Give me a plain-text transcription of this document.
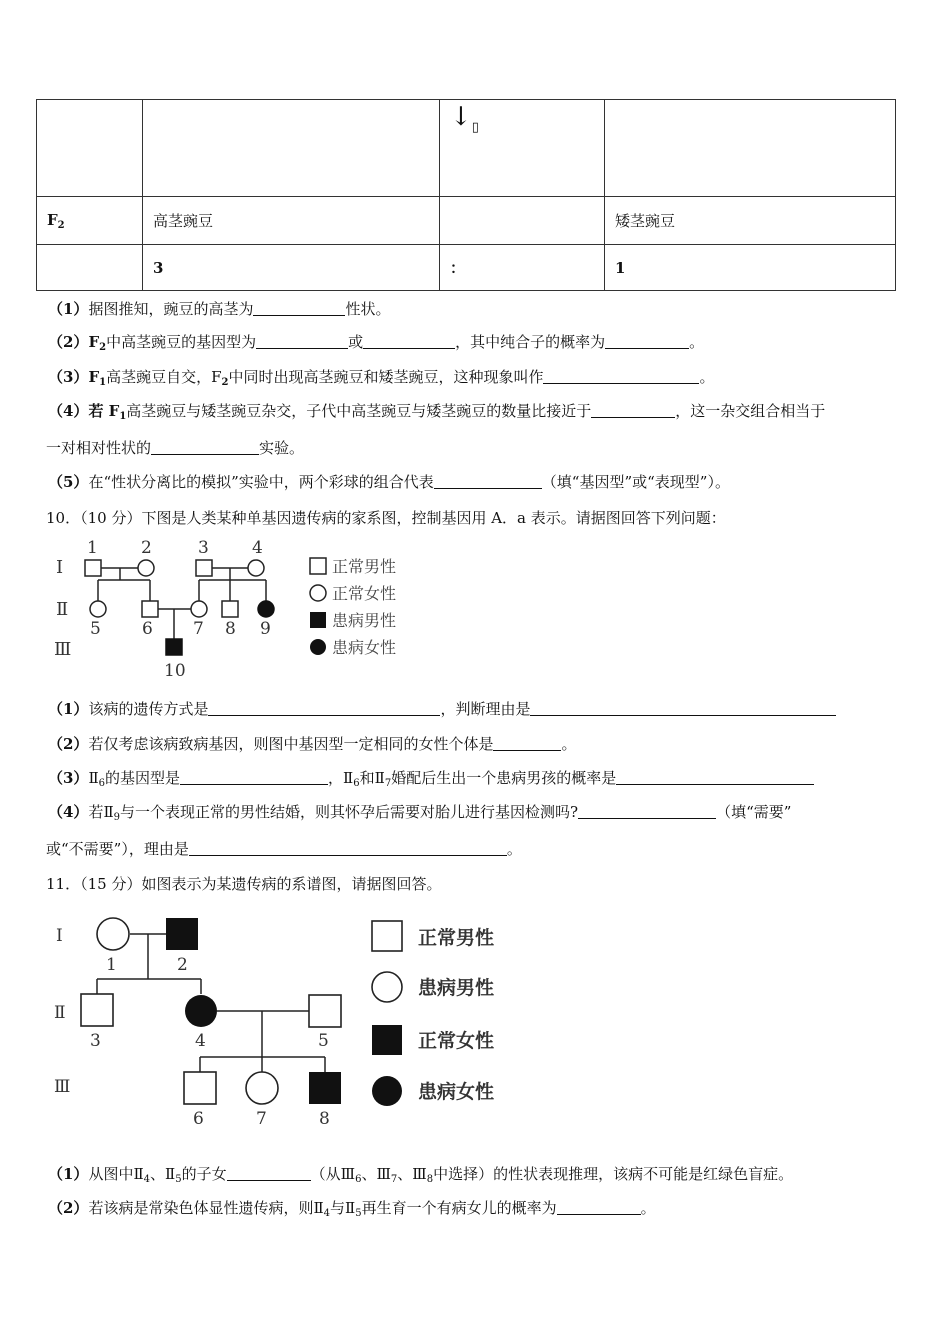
		↓▯	
$F_2$	高茎豌豆		矮茎豌豆
	3	：	1
（1）据图推知，豌豆的高茎为	性状。
$(2)F_2$中高茎豌豆的基因型为	或	，其中纯合子的概率为	。
$(3)F_1$高茎豌豆自交，$F_2$中同时出现高茎豌豆和矮茎豌豆，这种现象叫作	。
（4）若 $F_1$高茎豌豆与矮茎豌豆杂交，子代中高茎豌豆与矮茎豌豆的数量比接近于	，这一杂交组合相当于
一对相对性状的	实验。
（5）在“性状分离比的模拟”实验中，两个彩球的组合代表	（填“基因型”或“表现型”）。
10．（10 分）下图是人类某种单基因遗传病的家系图，控制基因用 A．a 表示。请据图回答下列问题：
Ⅰ
Ⅱ
Ⅲ
1	2	3	4
5 6 7 8 9
10
正常男性
正常女性
患病男性
患病女性
（1）该病的遗传方式是	，判断理由是
（2）若仅考虑该病致病基因，则图中基因型一定相同的女性个体是	。
$(3)Ⅱ_6$的基因型是	，$Ⅱ_6$和$Ⅱ_7$婚配后生出一个患病男孩的概率是
（4）若$Ⅱ_9$与一个表现正常的男性结婚，则其怀孕后需要对胎儿进行基因检测吗?	（填“需要”
或“不需要”），理由是	。
11．（15 分）如图表示为某遗传病的系谱图，请据图回答。
Ⅰ
Ⅱ
Ⅲ
1	2
3	4	5
6	7	8
正常男性
患病男性
正常女性
患病女性
（1）从图中$Ⅱ_4$、$Ⅱ_5$的子女	（从$Ⅲ_6$、$Ⅲ_7$、$Ⅲ_8$中选择）的性状表现推理，该病不可能是红绿色盲症。
（2）若该病是常染色体显性遗传病，则$Ⅱ_4$与$Ⅱ_5$再生育一个有病女儿的概率为	。
